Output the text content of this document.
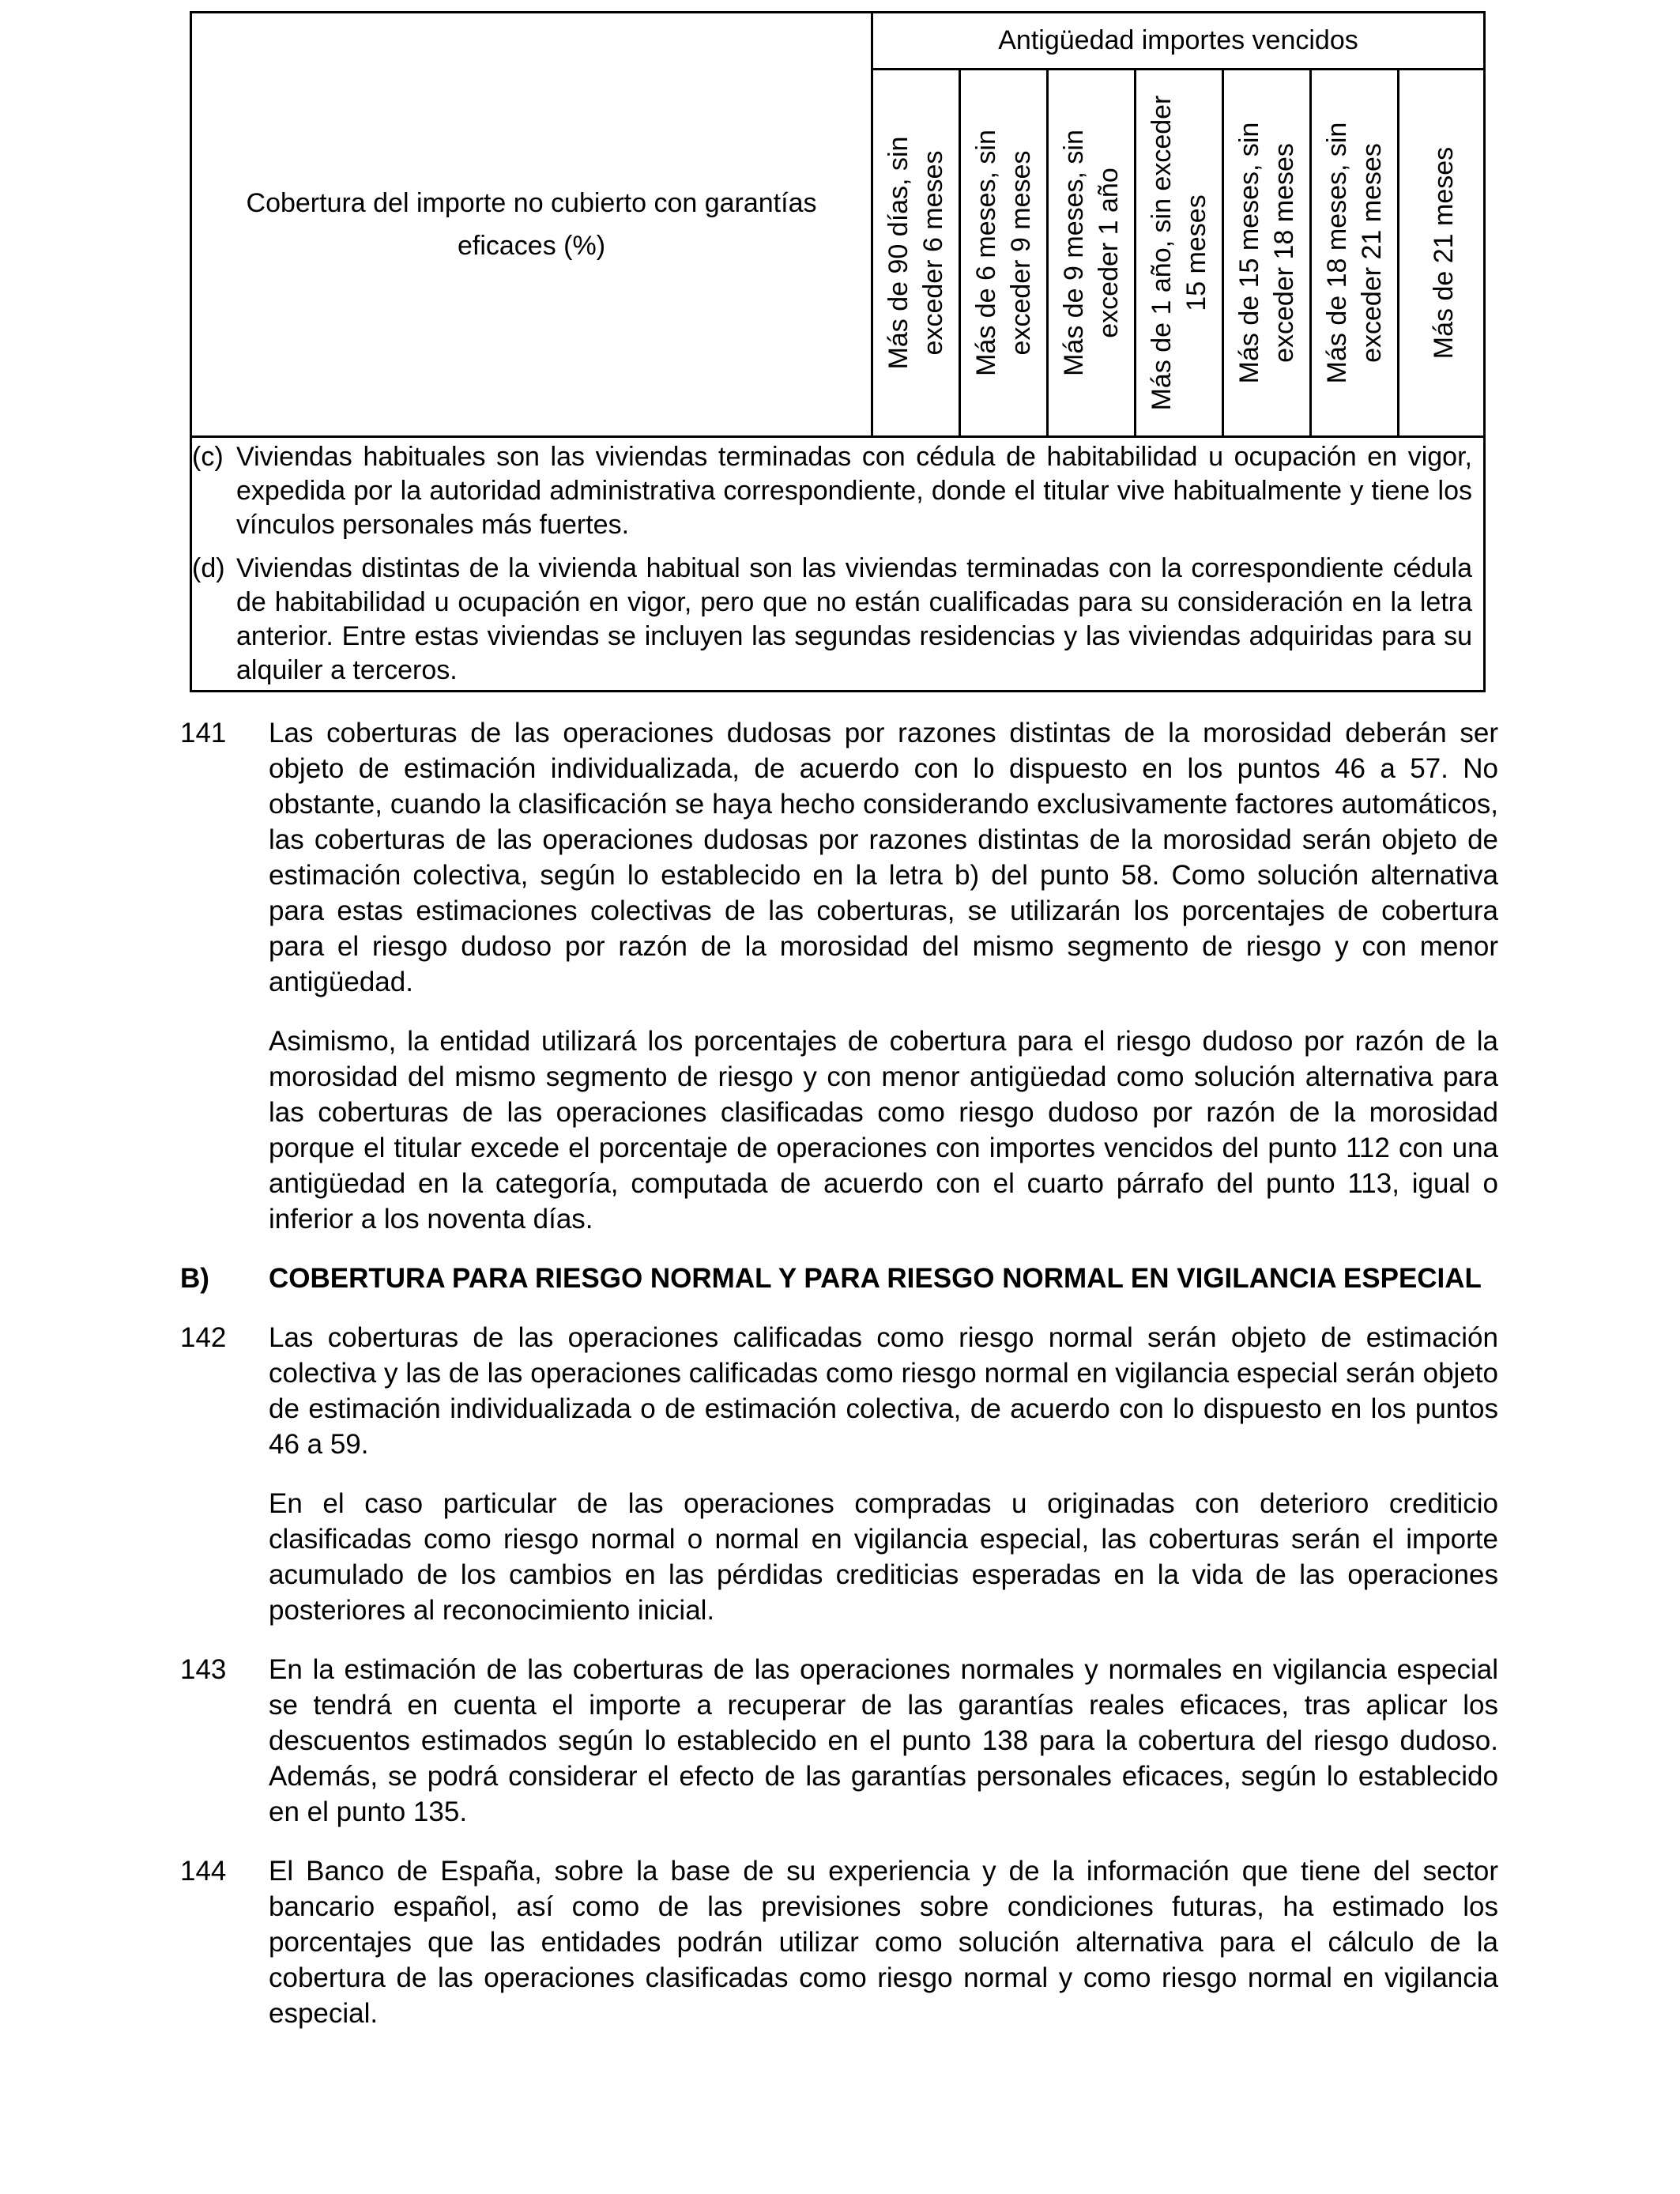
Cobertura del importe no cubierto con garantías eficaces (%)
Antigüedad importes vencidos
Más de 90 días, sin exceder 6 meses Más de 6 meses, sin exceder 9 meses Más de 9 meses, sin exceder 1 año Más de 1 año, sin exceder 15 meses Más de 15 meses, sin exceder 18 meses Más de 18 meses, sin exceder 21 meses Más de 21 meses
(c) Viviendas habituales son las viviendas terminadas con cédula de habitabilidad u ocupación en vigor, expedida por la autoridad administrativa correspondiente, donde el titular vive habitualmente y tiene los vínculos personales más fuertes.
(d) Viviendas distintas de la vivienda habitual son las viviendas terminadas con la correspondiente cédula de habitabilidad u ocupación en vigor, pero que no están cualificadas para su consideración en la letra anterior. Entre estas viviendas se incluyen las segundas residencias y las viviendas adquiridas para su alquiler a terceros.
141 Las coberturas de las operaciones dudosas por razones distintas de la morosidad deberán ser objeto de estimación individualizada, de acuerdo con lo dispuesto en los puntos 46 a 57. No obstante, cuando la clasificación se haya hecho considerando exclusivamente factores automáticos, las coberturas de las operaciones dudosas por razones distintas de la morosidad serán objeto de estimación colectiva, según lo establecido en la letra b) del punto 58. Como solución alternativa para estas estimaciones colectivas de las coberturas, se utilizarán los porcentajes de cobertura para el riesgo dudoso por razón de la morosidad del mismo segmento de riesgo y con menor antigüedad.
Asimismo, la entidad utilizará los porcentajes de cobertura para el riesgo dudoso por razón de la morosidad del mismo segmento de riesgo y con menor antigüedad como solución alternativa para las coberturas de las operaciones clasificadas como riesgo dudoso por razón de la morosidad porque el titular excede el porcentaje de operaciones con importes vencidos del punto 112 con una antigüedad en la categoría, computada de acuerdo con el cuarto párrafo del punto 113, igual o inferior a los noventa días.
B) COBERTURA PARA RIESGO NORMAL Y PARA RIESGO NORMAL EN VIGILANCIA ESPECIAL
142 Las coberturas de las operaciones calificadas como riesgo normal serán objeto de estimación colectiva y las de las operaciones calificadas como riesgo normal en vigilancia especial serán objeto de estimación individualizada o de estimación colectiva, de acuerdo con lo dispuesto en los puntos 46 a 59.
En el caso particular de las operaciones compradas u originadas con deterioro crediticio clasificadas como riesgo normal o normal en vigilancia especial, las coberturas serán el importe acumulado de los cambios en las pérdidas crediticias esperadas en la vida de las operaciones posteriores al reconocimiento inicial.
143 En la estimación de las coberturas de las operaciones normales y normales en vigilancia especial se tendrá en cuenta el importe a recuperar de las garantías reales eficaces, tras aplicar los descuentos estimados según lo establecido en el punto 138 para la cobertura del riesgo dudoso. Además, se podrá considerar el efecto de las garantías personales eficaces, según lo establecido en el punto 135.
144 El Banco de España, sobre la base de su experiencia y de la información que tiene del sector bancario español, así como de las previsiones sobre condiciones futuras, ha estimado los porcentajes que las entidades podrán utilizar como solución alternativa para el cálculo de la cobertura de las operaciones clasificadas como riesgo normal y como riesgo normal en vigilancia especial.
